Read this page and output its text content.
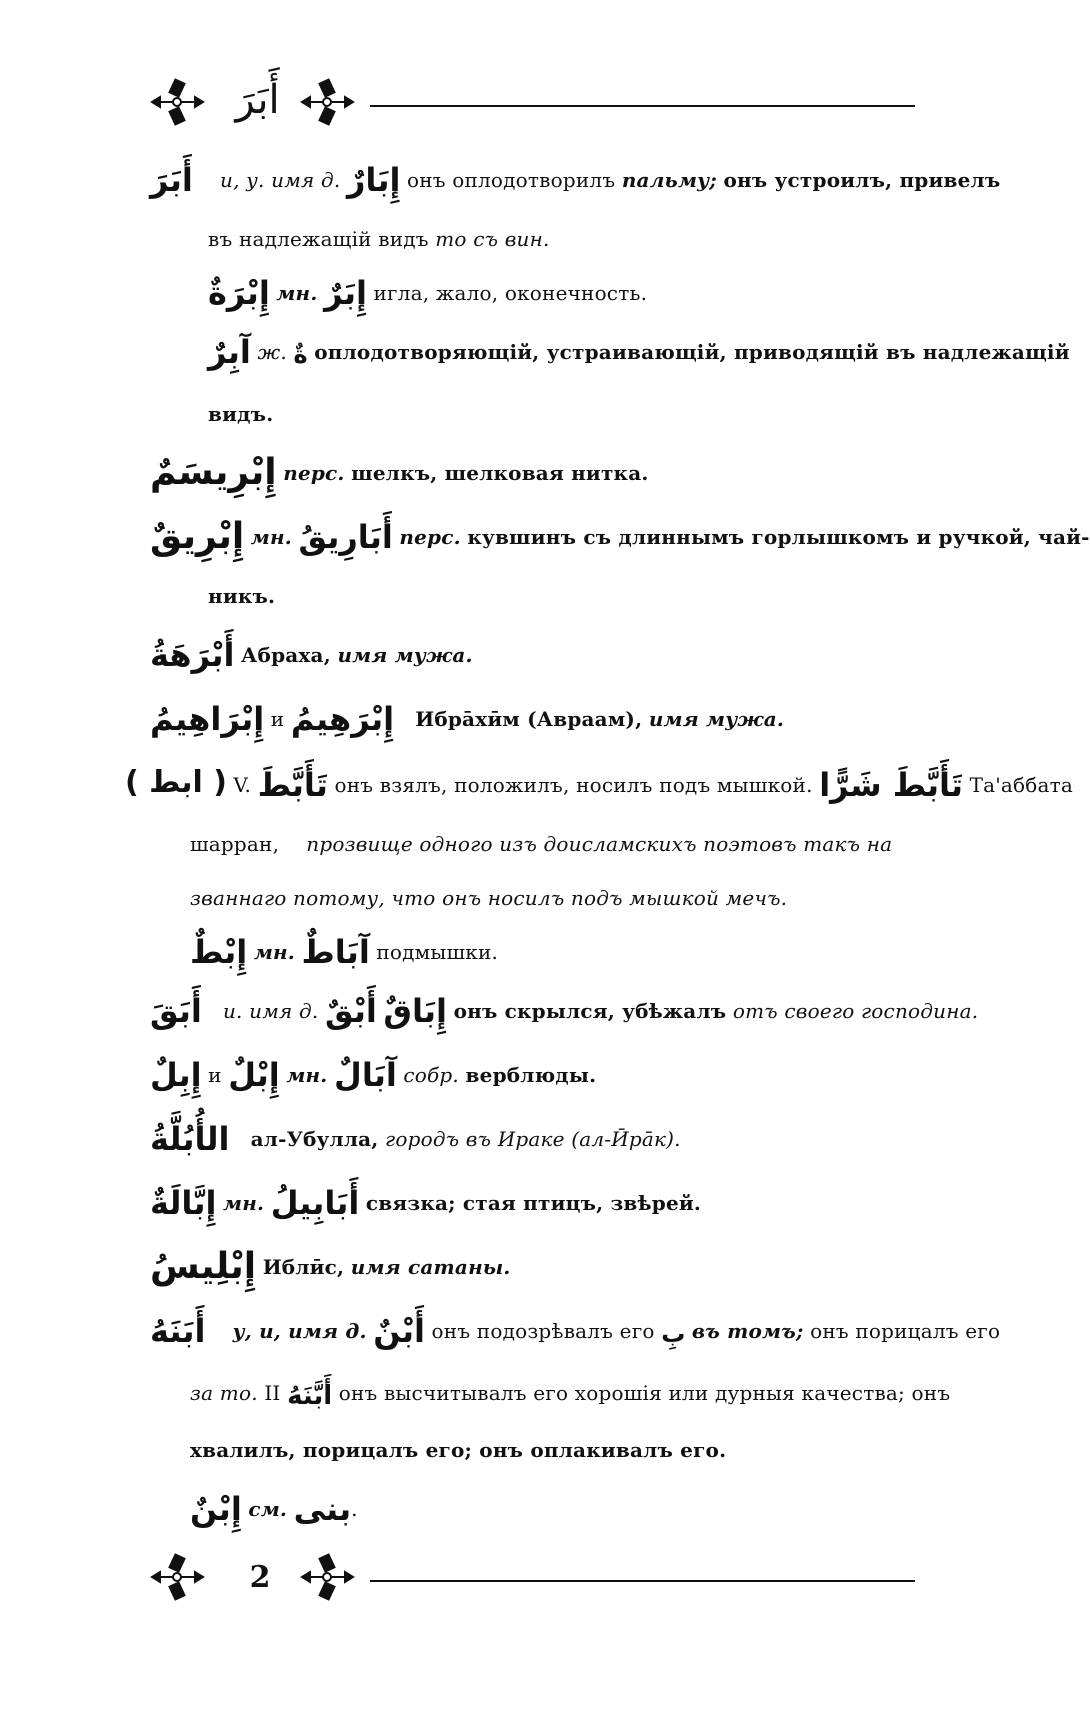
أَبَرَ
أَبَرَ и, у. имя д. إِبَارٌ онъ оплодотворилъ пальму; онъ устроилъ, привелъ
въ надлежащій видъ то съ вин.
إِبْرَةٌ мн. إِبَرٌ игла, жало, оконечность.
آبِرٌ ж. ةٌ оплодотворяющій, устраивающій, приводящій въ надлежащій
видъ.
إِبْرِيسَمٌ перс. шелкъ, шелковая нитка.
إِبْرِيقٌ мн. أَبَارِيقُ перс. кувшинъ съ длиннымъ горлышкомъ и ручкой, чай-
никъ.
أَبْرَهَةُ Абраха, имя мужа.
إِبْرَاهِيمُ и إِبْرَهِيمُ Ибрāхӣм (Авраам), имя мужа.
( ابط ) V. تَأَبَّطَ онъ взялъ, положилъ, носилъ подъ мышкой. تَأَبَّطَ شَرًّا Та'аббата
шарран, прозвище одного изъ доисламскихъ поэтовъ такъ на
званнаго потому, что онъ носилъ подъ мышкой мечъ.
إِبْطٌ мн. آبَاطٌ подмышки.
أَبَقَ и. имя д. أَبْقٌ إِبَاقٌ онъ скрылся, убѣжалъ отъ своего господина.
إِبِلٌ и إِبْلٌ мн. آبَالٌ собр. верблюды.
الأُبُلَّةُ ал-Убулла, городъ въ Ираке (ал-Ӣрāк).
إِبَّالَةٌ мн. أَبَابِيلُ связка; стая птицъ, звѣрей.
إِبْلِيسُ Иблӣс, имя сатаны.
أَبَنَهُ у, и, имя д. أَبْنٌ онъ подозрѣвалъ его بِ въ томъ; онъ порицалъ его
за то. II أَبَّنَهُ онъ высчитывалъ его хорошія или дурныя качества; онъ
хвалилъ, порицалъ его; онъ оплакивалъ его.
إِبْنٌ см. بنى.
2
